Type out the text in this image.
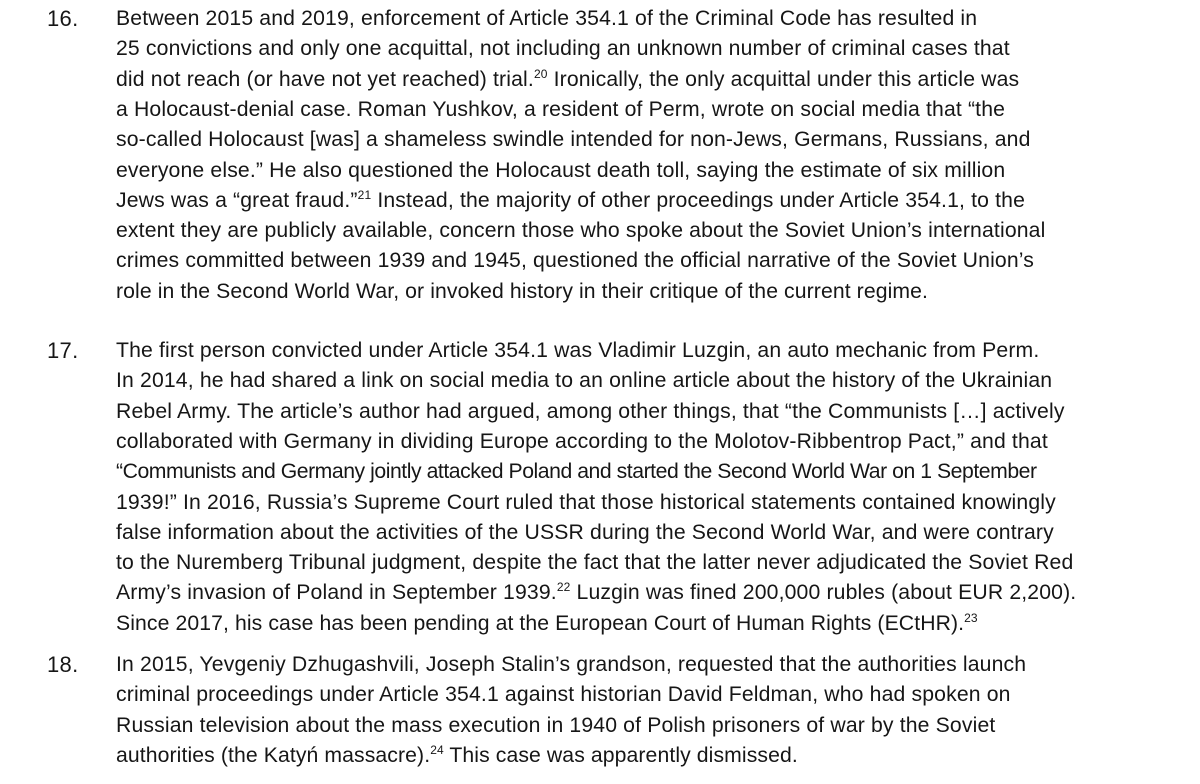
16. Between 2015 and 2019, enforcement of Article 354.1 of the Criminal Code has resulted in
25 convictions and only one acquittal, not including an unknown number of criminal cases that
did not reach (or have not yet reached) trial.$^{20}$ Ironically, the only acquittal under this article was
a Holocaust-denial case. Roman Yushkov, a resident of Perm, wrote on social media that “the
so-called Holocaust [was] a shameless swindle intended for non-Jews, Germans, Russians, and
everyone else.” He also questioned the Holocaust death toll, saying the estimate of six million
Jews was a “great fraud.”$^{21}$ Instead, the majority of other proceedings under Article 354.1, to the
extent they are publicly available, concern those who spoke about the Soviet Union’s international
crimes committed between 1939 and 1945, questioned the official narrative of the Soviet Union’s
role in the Second World War, or invoked history in their critique of the current regime.
17. The first person convicted under Article 354.1 was Vladimir Luzgin, an auto mechanic from Perm.
In 2014, he had shared a link on social media to an online article about the history of the Ukrainian
Rebel Army. The article’s author had argued, among other things, that “the Communists […] actively
collaborated with Germany in dividing Europe according to the Molotov-Ribbentrop Pact,” and that
“Communists and Germany jointly attacked Poland and started the Second World War on 1 September
1939!” In 2016, Russia’s Supreme Court ruled that those historical statements contained knowingly
false information about the activities of the USSR during the Second World War, and were contrary
to the Nuremberg Tribunal judgment, despite the fact that the latter never adjudicated the Soviet Red
Army’s invasion of Poland in September 1939.22 Luzgin was fined 200,000 rubles (about EUR 2,200).
Since 2017, his case has been pending at the European Court of Human Rights (ECtHR).$^{23}$
18. In 2015, Yevgeniy Dzhugashvili, Joseph Stalin’s grandson, requested that the authorities launch
criminal proceedings under Article 354.1 against historian David Feldman, who had spoken on
Russian television about the mass execution in 1940 of Polish prisoners of war by the Soviet
authorities (the Katyń massacre).$^{24}$ This case was apparently dismissed.
